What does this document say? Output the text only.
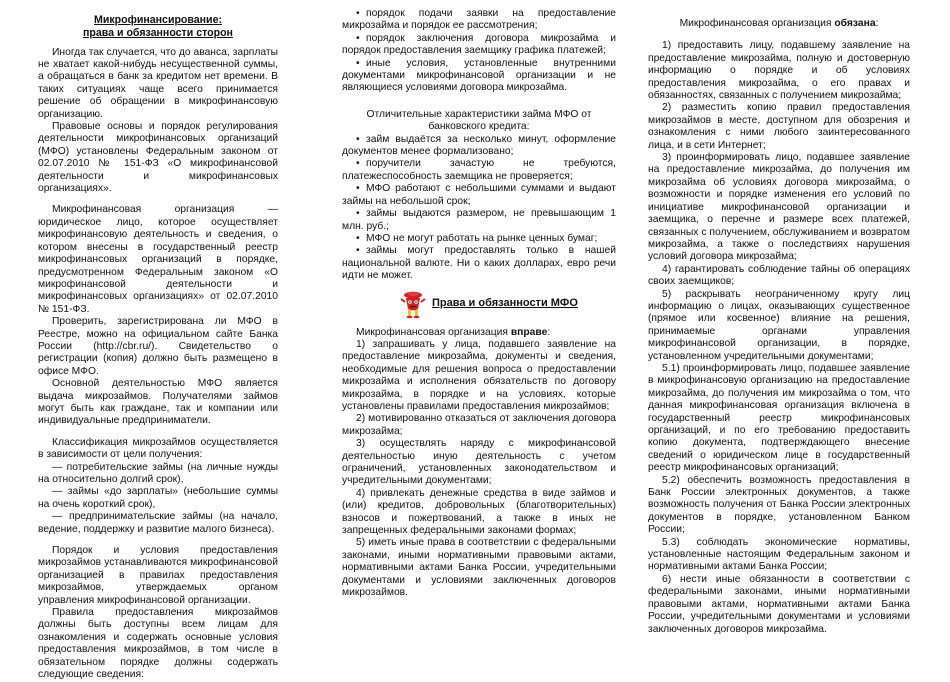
Микрофинансирование:
права и обязанности сторон

Иногда так случается, что до аванса, зарплаты не хватает какой-нибудь несущественной суммы, а обращаться в банк за кредитом нет времени. В таких ситуациях чаще всего принимается решение об обращении в микрофинансовую организацию.

Правовые основы и порядок регулирования деятельности микрофинансовых организаций (МФО) установлены Федеральным законом от 02.07.2010 № 151-ФЗ «О микрофинансовой деятельности и микрофинансовых организациях».

Микрофинансовая организация — юридическое лицо, которое осуществляет микрофинансовую деятельность и сведения, о котором внесены в государственный реестр микрофинансовых организаций в порядке, предусмотренном Федеральным законом «О микрофинансовой деятельности и микрофинансовых организациях» от 02.07.2010 № 151-ФЗ.

Проверить, зарегистрирована ли МФО в Реестре, можно на официальном сайте Банка России (http://cbr.ru/). Свидетельство о регистрации (копия) должно быть размещено в офисе МФО.

Основной деятельностью МФО является выдача микрозаймов. Получателями займов могут быть как граждане, так и компании или индивидуальные предприниматели.

Классификация микрозаймов осуществляется в зависимости от цели получения:

— потребительские займы (на личные нужды на относительно долгий срок),

— займы «до зарплаты» (небольшие суммы на очень короткий срок),

— предпринимательские займы (на начало, ведение, поддержку и развитие малого бизнеса).

Порядок и условия предоставления микрозаймов устанавливаются микрофинансовой организацией в правилах предоставления микрозаймов, утверждаемых органом управления микрофинансовой организации.

Правила предоставления микрозаймов должны быть доступны всем лицам для ознакомления и содержать основные условия предоставления микрозаймов, в том числе в обязательном порядке должны содержать следующие сведения:

• порядок подачи заявки на предоставление микрозайма и порядок ее рассмотрения;
• порядок заключения договора микрозайма и порядок предоставления заемщику графика платежей;
• иные условия, установленные внутренними документами микрофинансовой организации и не являющиеся условиями договора микрозайма.

Отличительные характеристики займа МФО от банковского кредита:

• займ выдаётся за несколько минут, оформление документов менее формализовано;
• поручители зачастую не требуются, платежеспособность заемщика не проверяется;
• МФО работают с небольшими суммами и выдают займы на небольшой срок;
• займы выдаются размером, не превышающим 1 млн. руб.;
• МФО не могут работать на рынке ценных бумаг;
• займы могут предоставлять только в нашей национальной валюте. Ни о каких долларах, евро речи идти не может.
Права и обязанности МФО

Микрофинансовая организация вправе:

1) запрашивать у лица, подавшего заявление на предоставление микрозайма, документы и сведения, необходимые для решения вопроса о предоставлении микрозайма и исполнения обязательств по договору микрозайма, в порядке и на условиях, которые установлены правилами предоставления микрозаймов;

2) мотивированно отказаться от заключения договора микрозайма;

3) осуществлять наряду с микрофинансовой деятельностью иную деятельность с учетом ограничений, установленных законодательством и учредительными документами;

4) привлекать денежные средства в виде займов и (или) кредитов, добровольных (благотворительных) взносов и пожертвований, а также в иных не запрещенных федеральными законами формах;

5) иметь иные права в соответствии с федеральными законами, иными нормативными правовыми актами, нормативными актами Банка России, учредительными документами и условиями заключенных договоров микрозаймов.

Микрофинансовая организация обязана:

1) предоставить лицу, подавшему заявление на предоставление микрозайма, полную и достоверную информацию о порядке и об условиях предоставления микрозайма, о его правах и обязанностях, связанных с получением микрозайма;

2) разместить копию правил предоставления микрозаймов в месте, доступном для обозрения и ознакомления с ними любого заинтересованного лица, и в сети Интернет;

3) проинформировать лицо, подавшее заявление на предоставление микрозайма, до получения им микрозайма об условиях договора микрозайма, о возможности и порядке изменения его условий по инициативе микрофинансовой организации и заемщика, о перечне и размере всех платежей, связанных с получением, обслуживанием и возвратом микрозайма, а также о последствиях нарушения условий договора микрозайма;

4) гарантировать соблюдение тайны об операциях своих заемщиков;

5) раскрывать неограниченному кругу лиц информацию о лицах, оказывающих существенное (прямое или косвенное) влияние на решения, принимаемые органами управления микрофинансовой организации, в порядке, установленном учредительными документами;

5.1) проинформировать лицо, подавшее заявление в микрофинансовую организацию на предоставление микрозайма, до получения им микрозайма о том, что данная микрофинансовая организация включена в государственный реестр микрофинансовых организаций, и по его требованию предоставить копию документа, подтверждающего внесение сведений о юридическом лице в государственный реестр микрофинансовых организаций;

5.2) обеспечить возможность предоставления в Банк России электронных документов, а также возможность получения от Банка России электронных документов в порядке, установленном Банком России;

5.3) соблюдать экономические нормативы, установленные настоящим Федеральным законом и нормативными актами Банка России;

6) нести иные обязанности в соответствии с федеральными законами, иными нормативными правовыми актами, нормативными актами Банка России, учредительными документами и условиями заключенных договоров микрозайма.
